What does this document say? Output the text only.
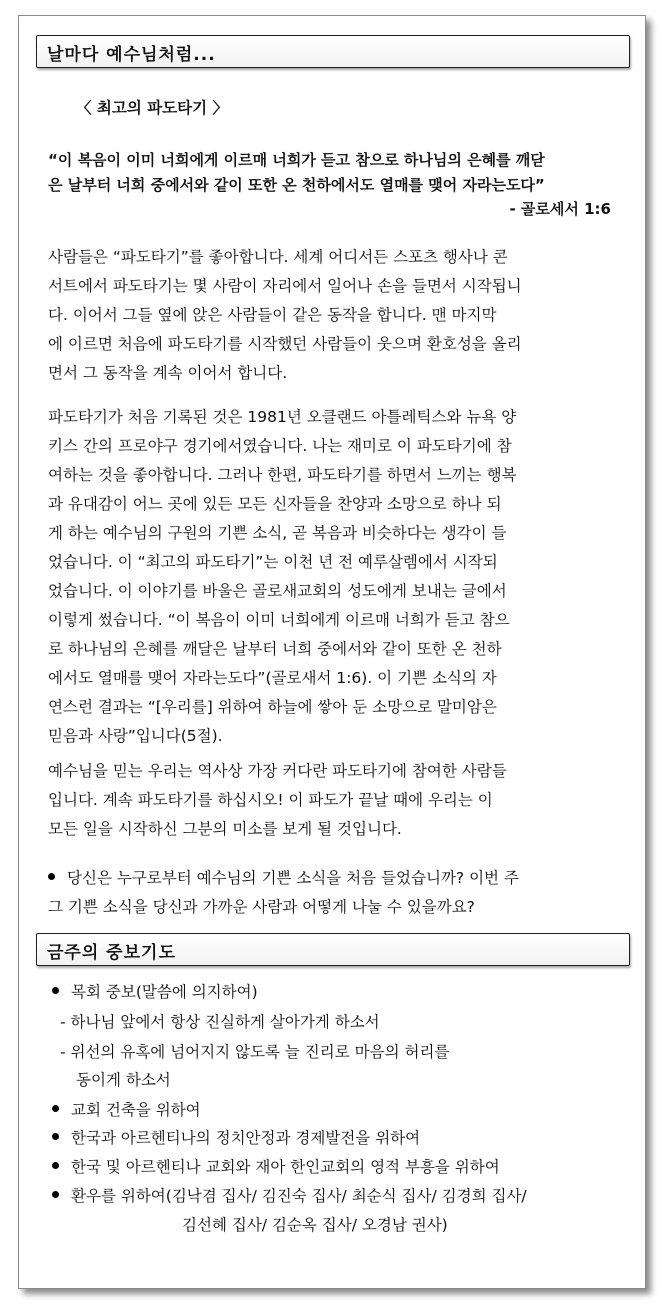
날마다 예수님처럼...
〈 최고의 파도타기 〉

“이 복음이 이미 너희에게 이르매 너희가 듣고 참으로 하나님의 은혜를 깨닫

은 날부터 너희 중에서와 같이 또한 온 천하에서도 열매를 맺어 자라는도다”

- 골로세서 1:6

사람들은 “파도타기”를 좋아합니다. 세계 어디서든 스포츠 행사나 콘

서트에서 파도타기는 몇 사람이 자리에서 일어나 손을 들면서 시작됩니

다. 이어서 그들 옆에 앉은 사람들이 같은 동작을 합니다. 맨 마지막

에 이르면 처음에 파도타기를 시작했던 사람들이 웃으며 환호성을 올리

면서 그 동작을 계속 이어서 합니다.

파도타기가 처음 기록된 것은 1981년 오클랜드 아틀레틱스와 뉴욕 양

키스 간의 프로야구 경기에서였습니다. 나는 재미로 이 파도타기에 참

여하는 것을 좋아합니다. 그러나 한편, 파도타기를 하면서 느끼는 행복

과 유대감이 어느 곳에 있든 모든 신자들을 찬양과 소망으로 하나 되

게 하는 예수님의 구원의 기쁜 소식, 곧 복음과 비슷하다는 생각이 들

었습니다. 이 “최고의 파도타기”는 이천 년 전 예루살렘에서 시작되

었습니다. 이 이야기를 바울은 골로새교회의 성도에게 보내는 글에서

이렇게 썼습니다. “이 복음이 이미 너희에게 이르매 너희가 듣고 참으

로 하나님의 은혜를 깨달은 날부터 너희 중에서와 같이 또한 온 천하

에서도 열매를 맺어 자라는도다”(골로새서 1:6). 이 기쁜 소식의 자

연스런 결과는 “[우리를] 위하여 하늘에 쌓아 둔 소망으로 말미암은

믿음과 사랑”입니다(5절).

예수님을 믿는 우리는 역사상 가장 커다란 파도타기에 참여한 사람들

입니다. 계속 파도타기를 하십시오! 이 파도가 끝날 때에 우리는 이

모든 일을 시작하신 그분의 미소를 보게 될 것입니다.

당신은 누구로부터 예수님의 기쁜 소식을 처음 들었습니까? 이번 주
그 기쁜 소식을 당신과 가까운 사람과 어떻게 나눌 수 있을까요?
금주의 중보기도
목회 중보(말씀에 의지하여)
- 하나님 앞에서 항상 진실하게 살아가게 하소서
- 위선의 유혹에 넘어지지 않도록 늘 진리로 마음의 허리를
동이게 하소서
교회 건축을 위하여
한국과 아르헨티나의 정치안정과 경제발전을 위하여
한국 및 아르헨티나 교회와 재아 한인교회의 영적 부흥을 위하여
환우를 위하여(김낙겸 집사/ 김진숙 집사/ 최순식 집사/ 김경희 집사/
김선혜 집사/ 김순옥 집사/ 오경남 권사)
